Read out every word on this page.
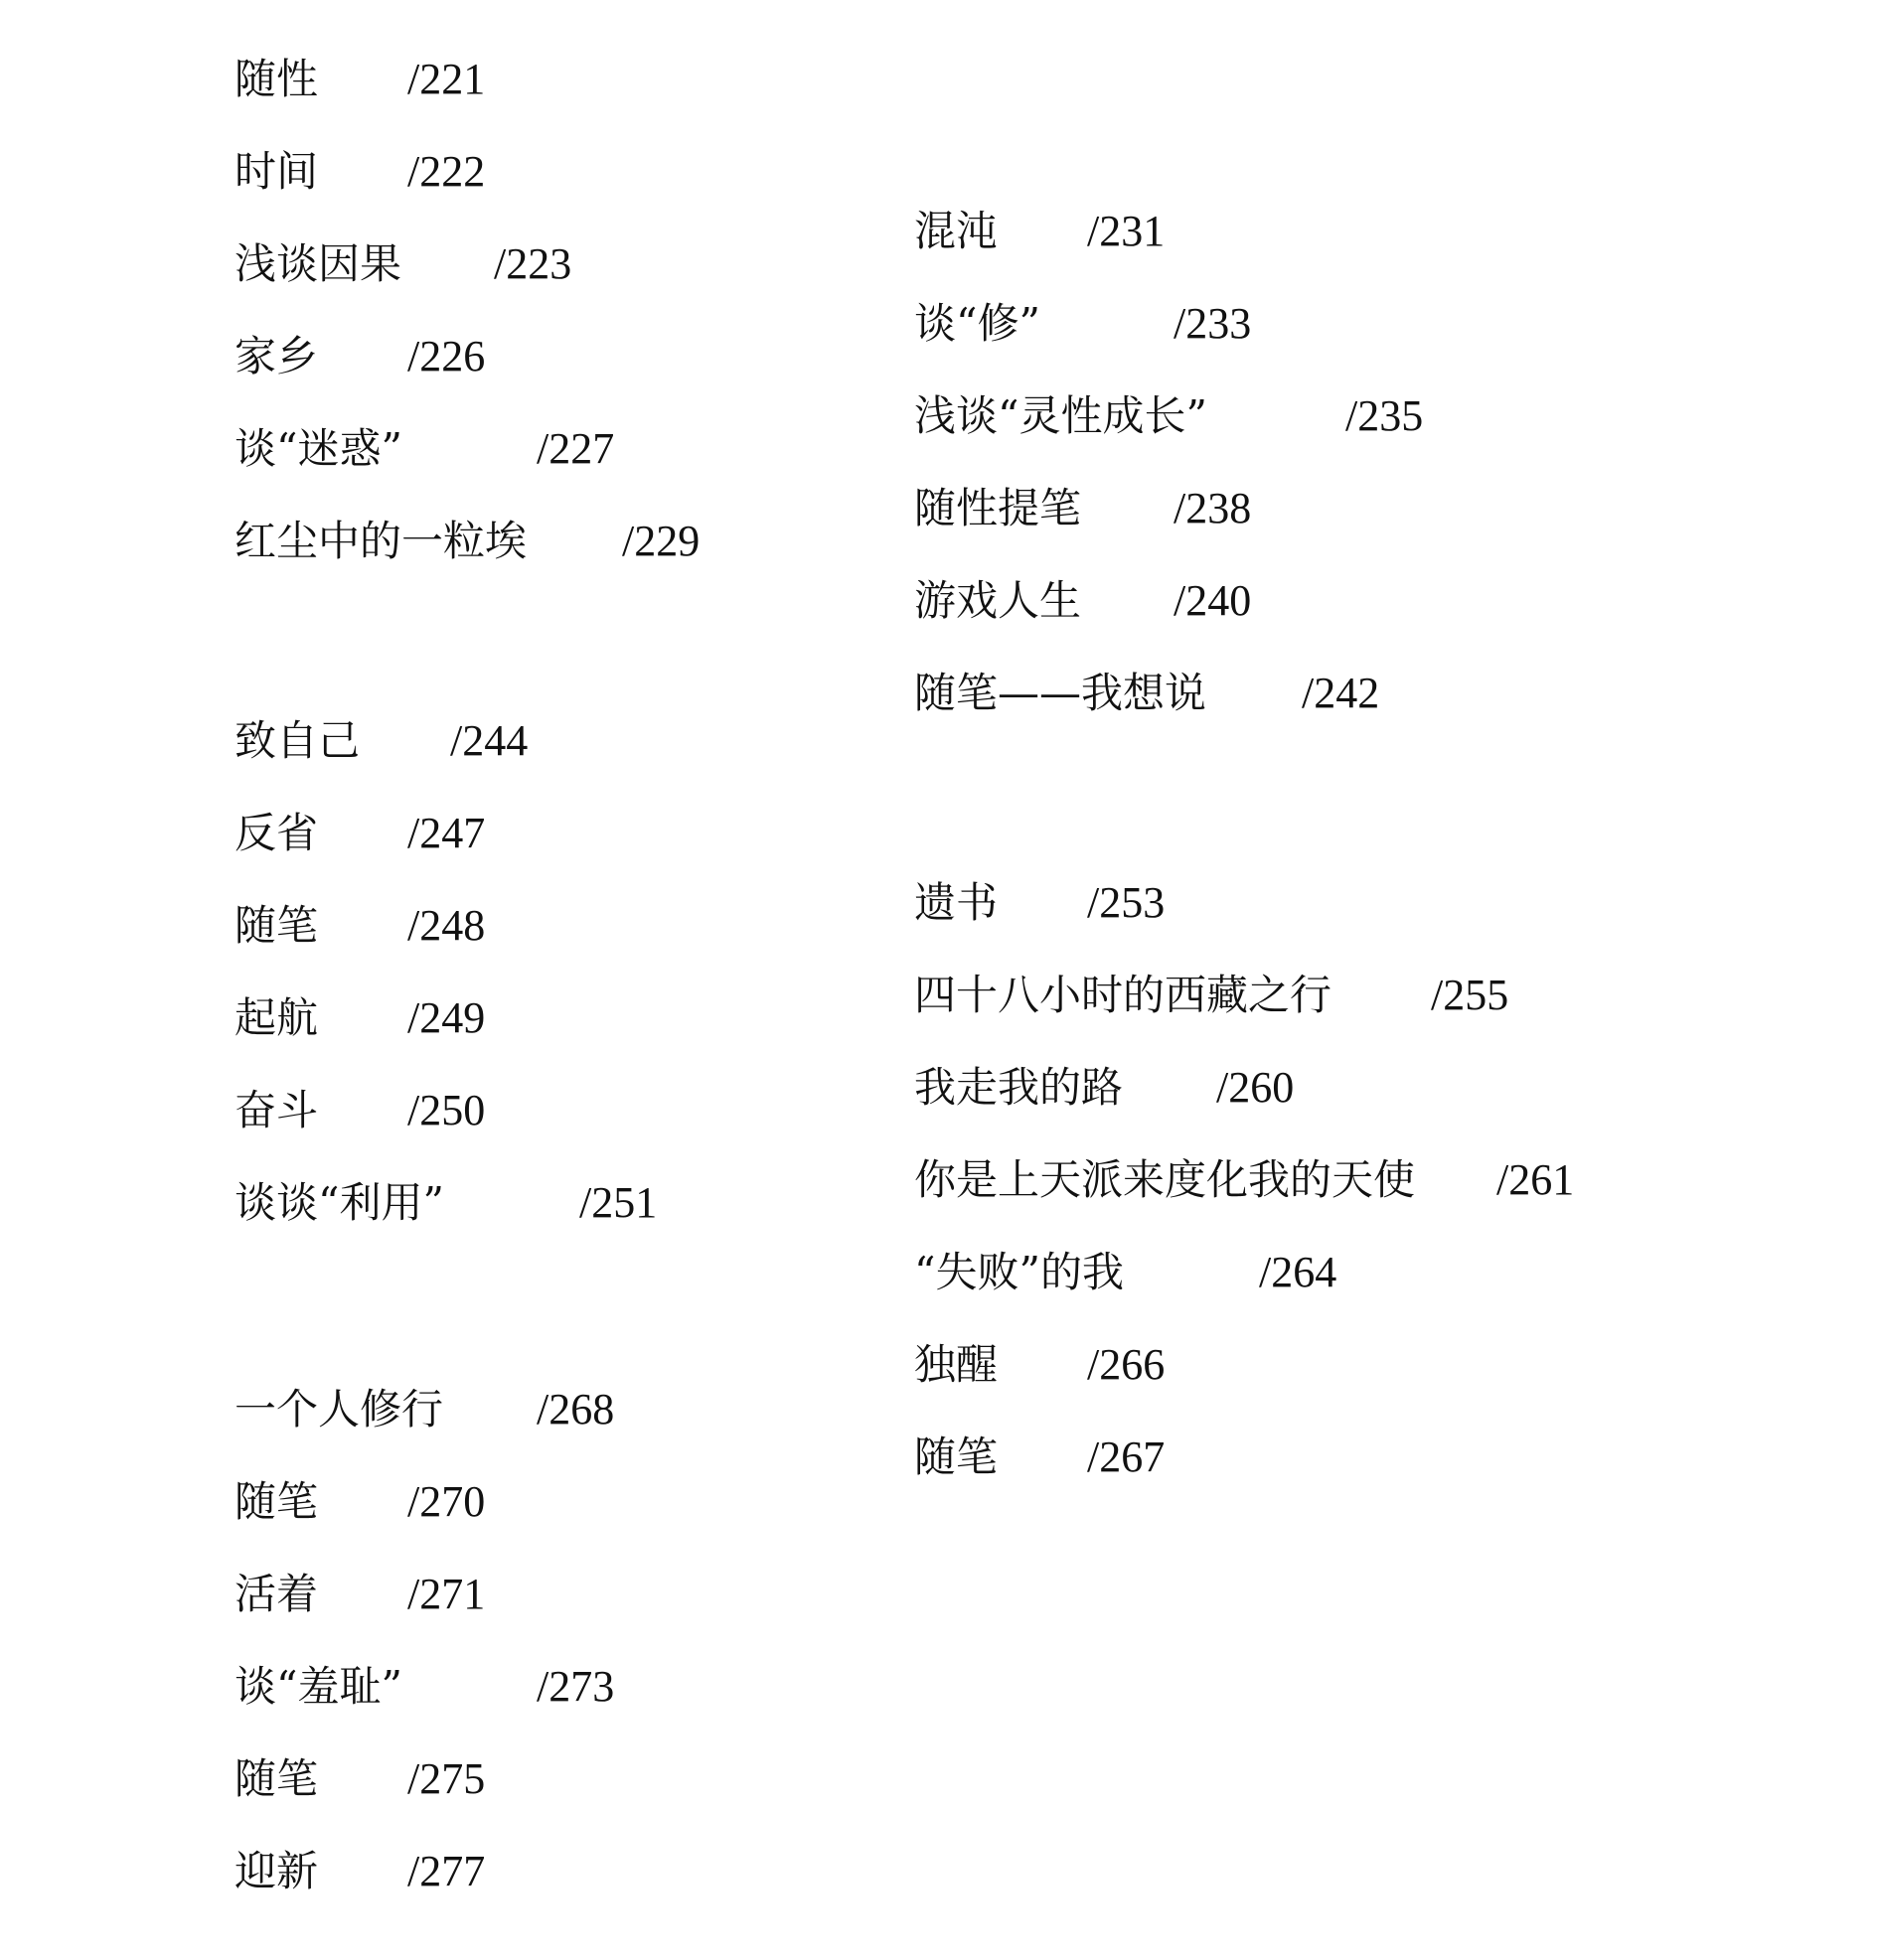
随性 /221
时间 /222
浅谈因果 /223
家乡 /226
谈“迷惑”	/227
红尘中的一粒埃 /229
致自己 /244
反省 /247
随笔 /248
起航 /249
奋斗 /250
谈谈“利用”	/251
一个人修行 /268
随笔 /270
活着 /271
谈“羞耻”	/273
随笔 /275
迎新 /277
混沌 /231
谈“修”	/233
浅谈“灵性成长”	/235
随性提笔 /238
游戏人生 /240
随笔——我想说 /242
遗书 /253
四十八小时的西藏之行 /255
我走我的路 /260
你是上天派来度化我的天使 /261
“失败”的我	/264
独醒 /266
随笔 /267
